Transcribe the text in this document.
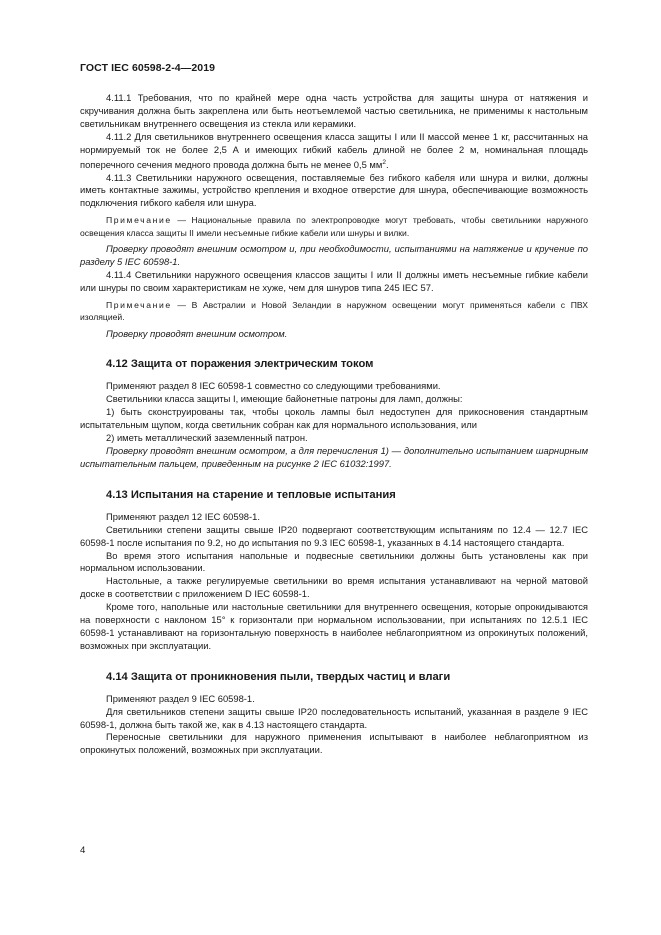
ГОСТ IEC 60598-2-4—2019

4.11.1 Требования, что по крайней мере одна часть устройства для защиты шнура от натяжения и скручивания должна быть закреплена или быть неотъемлемой частью светильника, не применимы к настольным светильникам внутреннего освещения из стекла или керамики.

4.11.2 Для светильников внутреннего освещения класса защиты I или II массой менее 1 кг, рассчитанных на нормируемый ток не более 2,5 А и имеющих гибкий кабель длиной не более 2 м, номинальная площадь поперечного сечения медного провода должна быть не менее 0,5 $мм^2$.

4.11.3 Светильники наружного освещения, поставляемые без гибкого кабеля или шнура и вилки, должны иметь контактные зажимы, устройство крепления и входное отверстие для шнура, обеспечивающие возможность подключения гибкого кабеля или шнура.

Примечание — Национальные правила по электропроводке могут требовать, чтобы светильники наружного освещения класса защиты II имели несъемные гибкие кабели или шнуры и вилки.

Проверку проводят внешним осмотром и, при необходимости, испытаниями на натяжение и кручение по разделу 5 IEC 60598-1.

4.11.4 Светильники наружного освещения классов защиты I или II должны иметь несъемные гибкие кабели или шнуры по своим характеристикам не хуже, чем для шнуров типа 245 IEC 57.

Примечание — В Австралии и Новой Зеландии в наружном освещении могут применяться кабели с ПВХ изоляцией.

Проверку проводят внешним осмотром.

4.12 Защита от поражения электрическим током

Применяют раздел 8 IEC 60598-1 совместно со следующими требованиями.

Светильники класса защиты I, имеющие байонетные патроны для ламп, должны:

1) быть сконструированы так, чтобы цоколь лампы был недоступен для прикосновения стандартным испытательным щупом, когда светильник собран как для нормального использования, или

2) иметь металлический заземленный патрон.

Проверку проводят внешним осмотром, а для перечисления 1) — дополнительно испытанием шарнирным испытательным пальцем, приведенным на рисунке 2 IEC 61032:1997.

4.13 Испытания на старение и тепловые испытания

Применяют раздел 12 IEC 60598-1.

Светильники степени защиты свыше IP20 подвергают соответствующим испытаниям по 12.4 — 12.7 IEC 60598-1 после испытания по 9.2, но до испытания по 9.3 IEC 60598-1, указанных в 4.14 настоящего стандарта.

Во время этого испытания напольные и подвесные светильники должны быть установлены как при нормальном использовании.

Настольные, а также регулируемые светильники во время испытания устанавливают на черной матовой доске в соответствии с приложением D IEC 60598-1.

Кроме того, напольные или настольные светильники для внутреннего освещения, которые опрокидываются на поверхности с наклоном 15° к горизонтали при нормальном использовании, при испытаниях по 12.5.1 IEC 60598-1 устанавливают на горизонтальную поверхность в наиболее неблагоприятном из опрокинутых положений, возможных при эксплуатации.

4.14 Защита от проникновения пыли, твердых частиц и влаги

Применяют раздел 9 IEC 60598-1.

Для светильников степени защиты свыше IP20 последовательность испытаний, указанная в разделе 9 IEC 60598-1, должна быть такой же, как в 4.13 настоящего стандарта.

Переносные светильники для наружного применения испытывают в наиболее неблагоприятном из опрокинутых положений, возможных при эксплуатации.

4
